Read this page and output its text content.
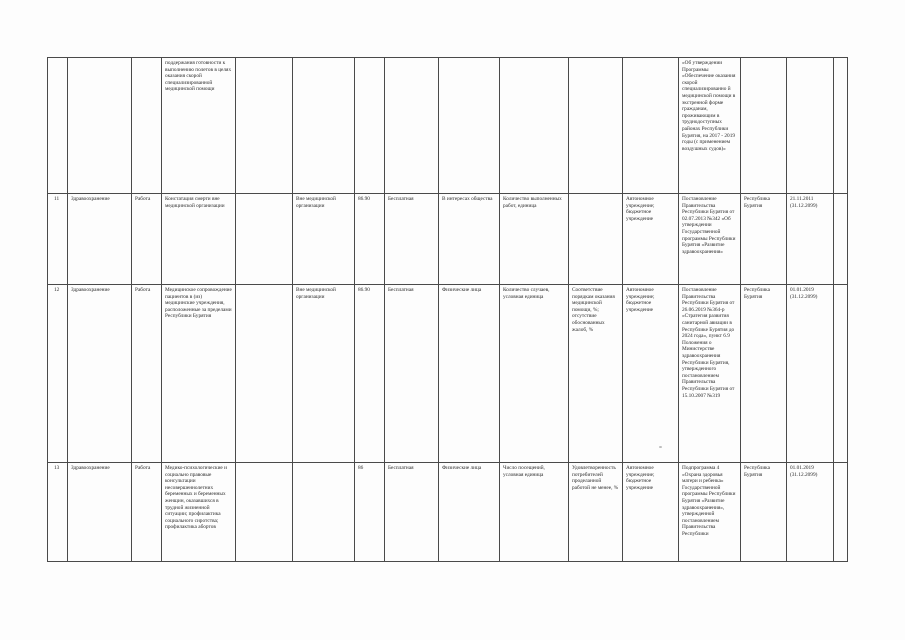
			поддержания готовности к выполнению полетов в целях оказания скорой специализированной медицинской помощи									«Об утверждении Программы «Обеспечение оказания скорой специализированно й медицинской помощи в экстренной форме гражданам, проживающим в труднодоступных районах Республики Бурятия, на 2017 - 2019 годы (с применением воздушных судов)»			
11	Здравоохранение	Работа	Констатация смерти вне медицинской организации		Вне медицинской организации	86.90	Бесплатная	В интересах общества	Количество выполненных работ, единица		Автономное учреждение; бюджетное учреждение	Постановление Правительства Республики Бурятия от 02.07.2013 №342 «Об утверждении Государственной программы Республики Бурятия «Развитие здравоохранения»	Республика Бурятия	21.11.2011 (31.12.2099)	
12	Здравоохранение	Работа	Медицинское сопровождение пациентов в (из) медицинские учреждения, расположенные за пределами Республики Бурятия		Вне медицинской организации	86.90	Бесплатная	Физические лица	Количество случаев, условная единица	Соответствие порядкам оказания медицинской помощи, %; отсутствие обоснованных жалоб, %	Автономное учреждение; бюджетное учреждение	Постановление Правительства Республики Бурятия от 26.06.2019 №364-р «Стратегия развития санитарной авиации в Республике Бурятия до 2024 года», пункт 6.9 Положения о Министерстве здравоохранения Республики Бурятия, утвержденного постановлением Правительства Республики Бурятия от 15.10.2007 №319	Республика Бурятия	01.01.2019 (31.12.2099)	
13	Здравоохранение	Работа	Медико-психологические и социально правовые консультации несовершеннолетних беременных и беременных женщин, оказавшихся в трудной жизненной ситуации; профилактика социального сиротства; профилактика абортов			86	Бесплатная	Физические лица	Число посещений, условная единица	Удовлетворенность потребителей проделанной работой не менее, %	Автономное учреждение; бюджетное учреждение	Подпрограмма 4 «Охрана здоровья матери и ребенка» Государственной программы Республики Бурятия «Развитие здравоохранения», утвержденной постановлением Правительства Республики	Республика Бурятия	01.01.2019 (31.12.2099)	
